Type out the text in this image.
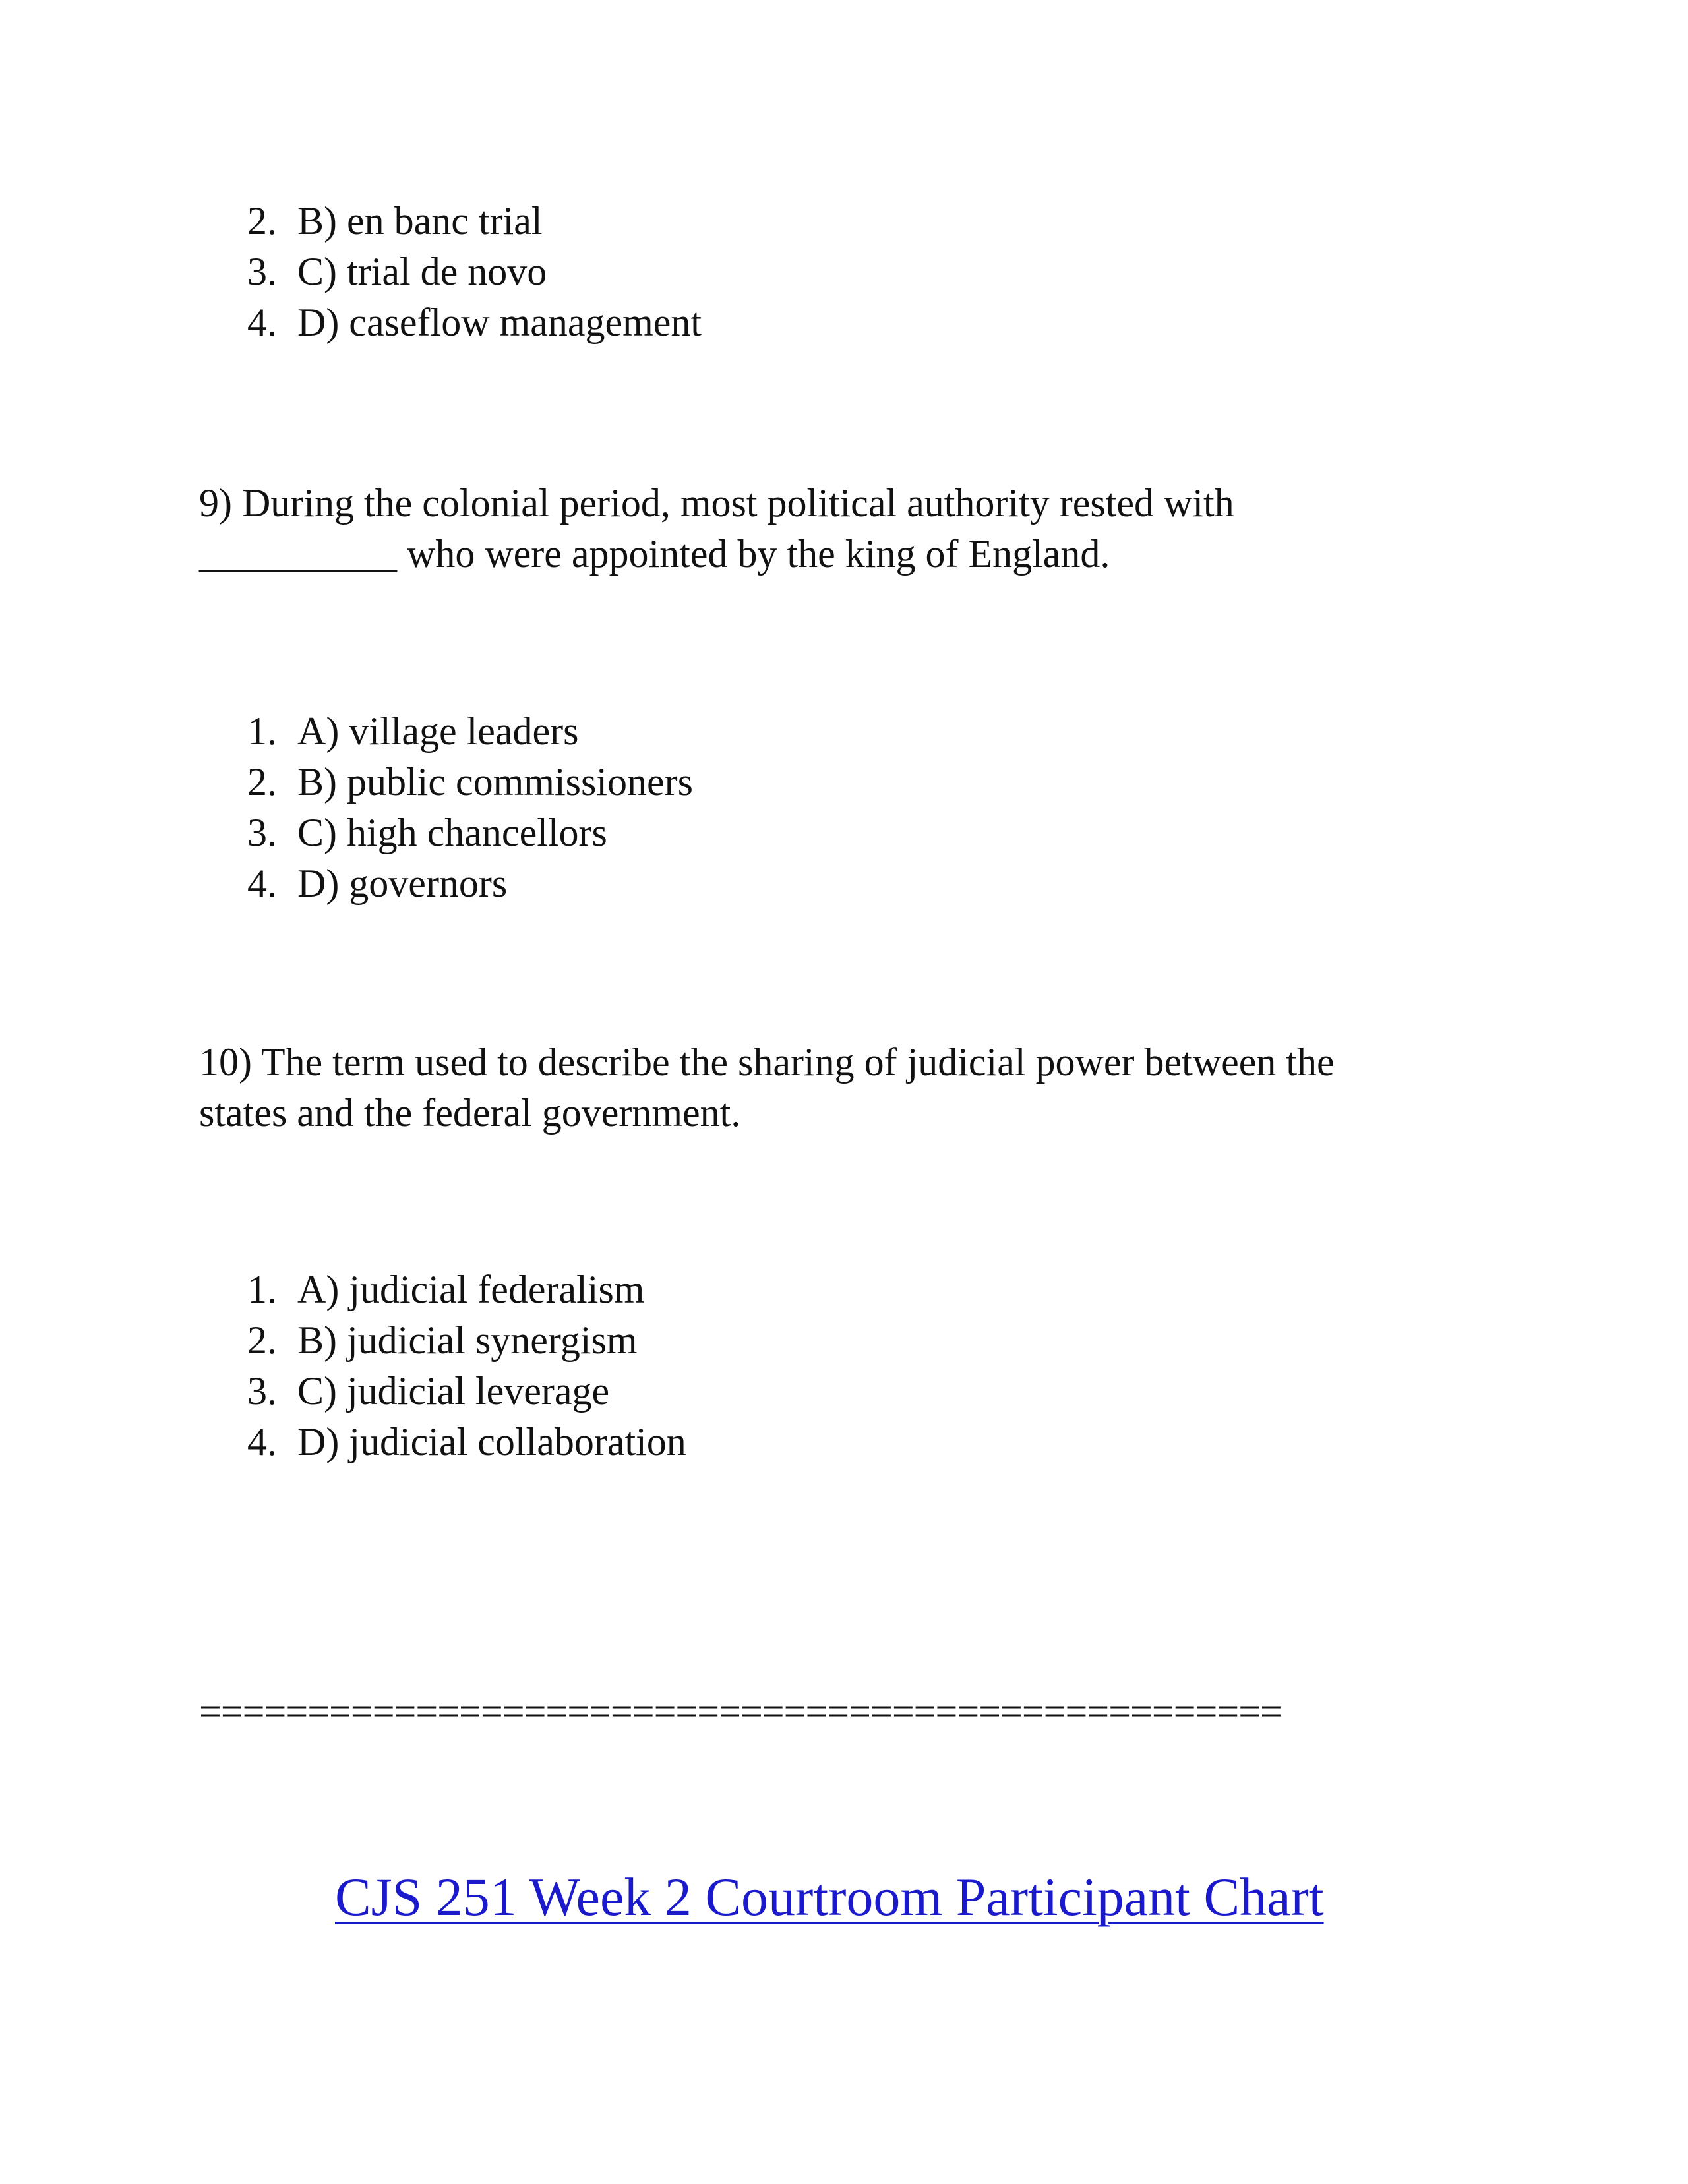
2. B) en banc trial
3. C) trial de novo
4. D) caseflow management
9) During the colonial period, most political authority rested with
__________ who were appointed by the king of England.
1. A) village leaders
2. B) public commissioners
3. C) high chancellors
4. D) governors
10) The term used to describe the sharing of judicial power between the
states and the federal government.
1. A) judicial federalism
2. B) judicial synergism
3. C) judicial leverage
4. D) judicial collaboration
==================================================
CJS 251 Week 2 Courtroom Participant Chart
